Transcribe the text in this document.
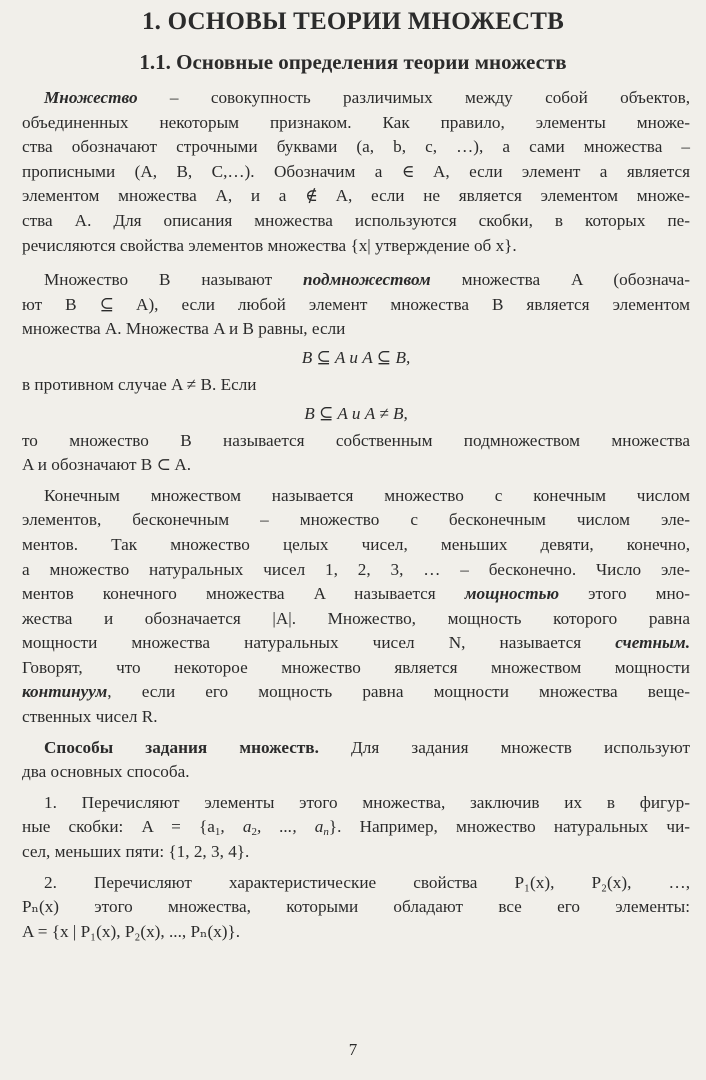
1. ОСНОВЫ ТЕОРИИ МНОЖЕСТВ
1.1. Основные определения теории множеств
Множество – совокупность различимых между собой объектов,
объединенных некоторым признаком. Как правило, элементы множе-
ства обозначают строчными буквами (a, b, c, …), а сами множества –
прописными (A, B, C,…). Обозначим a ∈ A, если элемент a является
элементом множества A, и a ∉ A, если не является элементом множе-
ства A. Для описания множества используются скобки, в которых пе-
речисляются свойства элементов множества {x| утверждение об x}.
Множество B называют подмножеством множества A (обознача-
ют B ⊆ A), если любой элемент множества B является элементом
множества A. Множества A и B равны, если
B ⊆ A и A ⊆ B,
в противном случае A ≠ B. Если
B ⊆ A и A ≠ B,
то множество B называется собственным подмножеством множества
A и обозначают B ⊂ A.
Конечным множеством называется множество с конечным числом
элементов, бесконечным – множество с бесконечным числом эле-
ментов. Так множество целых чисел, меньших девяти, конечно,
а множество натуральных чисел 1, 2, 3, … – бесконечно. Число эле-
ментов конечного множества A называется мощностью этого мно-
жества и обозначается |A|. Множество, мощность которого равна
мощности множества натуральных чисел N, называется счетным.
Говорят, что некоторое множество является множеством мощности
континуум, если его мощность равна мощности множества веще-
ственных чисел R.
Способы задания множеств. Для задания множеств используют
два основных способа.
1. Перечисляют элементы этого множества, заключив их в фигур-
ные скобки: $A = \{a_1$, $a_2$, ..., $a_n$}. Например, множество натуральных чи-
сел, меньших пяти: {1, 2, 3, 4}.
2. Перечисляют характеристические свойства P₁(x), P₂(x), …,
Pₙ(x) этого множества, которыми обладают все его элементы:
A = {x | P₁(x), P₂(x), ..., Pₙ(x)}.
7
